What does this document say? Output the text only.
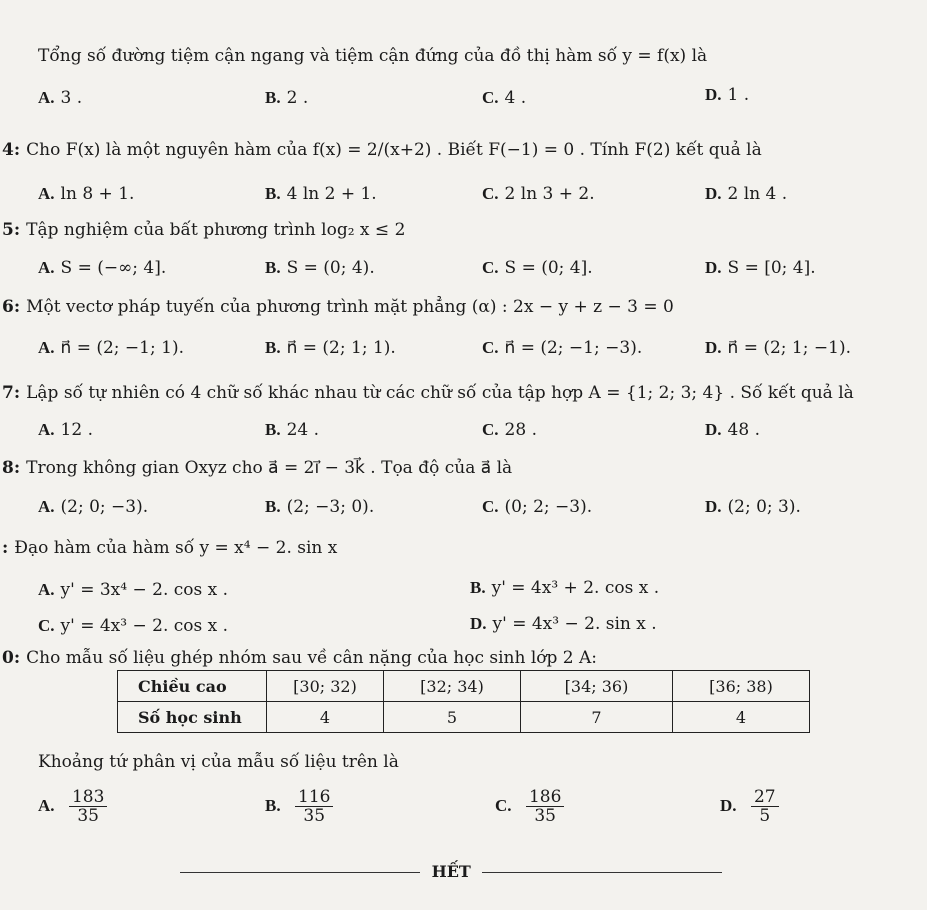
Tổng số đường tiệm cận ngang và tiệm cận đứng của đồ thị hàm số y = f(x) là
A. 3 .	B. 2 .	C. 4 .	D. 1 .
4: Cho F(x) là một nguyên hàm của f(x) = 2/(x+2) . Biết F(−1) = 0 . Tính F(2) kết quả là
A. ln 8 + 1.	B. 4 ln 2 + 1.	C. 2 ln 3 + 2.	D. 2 ln 4 .
5: Tập nghiệm của bất phương trình log₂ x ≤ 2
A. S = (−∞; 4].	B. S = (0; 4).	C. S = (0; 4].	D. S = [0; 4].
6: Một vectơ pháp tuyến của phương trình mặt phẳng (α) : 2x − y + z − 3 = 0
A. n⃗ = (2; −1; 1).	B. n⃗ = (2; 1; 1).	C. n⃗ = (2; −1; −3).	D. n⃗ = (2; 1; −1).
7: Lập số tự nhiên có 4 chữ số khác nhau từ các chữ số của tập hợp A = {1; 2; 3; 4} . Số kết quả là
A. 12 .	B. 24 .	C. 28 .	D. 48 .
8: Trong không gian Oxyz cho a⃗ = 2i⃗ − 3k⃗ . Tọa độ của a⃗ là
A. (2; 0; −3).	B. (2; −3; 0).	C. (0; 2; −3).	D. (2; 0; 3).
: Đạo hàm của hàm số y = x⁴ − 2. sin x
A. y' = 3x⁴ − 2. cos x .	B. y' = 4x³ + 2. cos x .
C. y' = 4x³ − 2. cos x .	D. y' = 4x³ − 2. sin x .
0: Cho mẫu số liệu ghép nhóm sau về cân nặng của học sinh lớp 2 A:
Chiều cao	[30; 32)	[32; 34)	[34; 36)	[36; 38)
Số học sinh	4	5	7	4
Khoảng tứ phân vị của mẫu số liệu trên là
A. $\frac{183}{35}$	B. $\frac{116}{35}$	C. $\frac{186}{35}$	D. $\frac{27}{5}$
HẾT
